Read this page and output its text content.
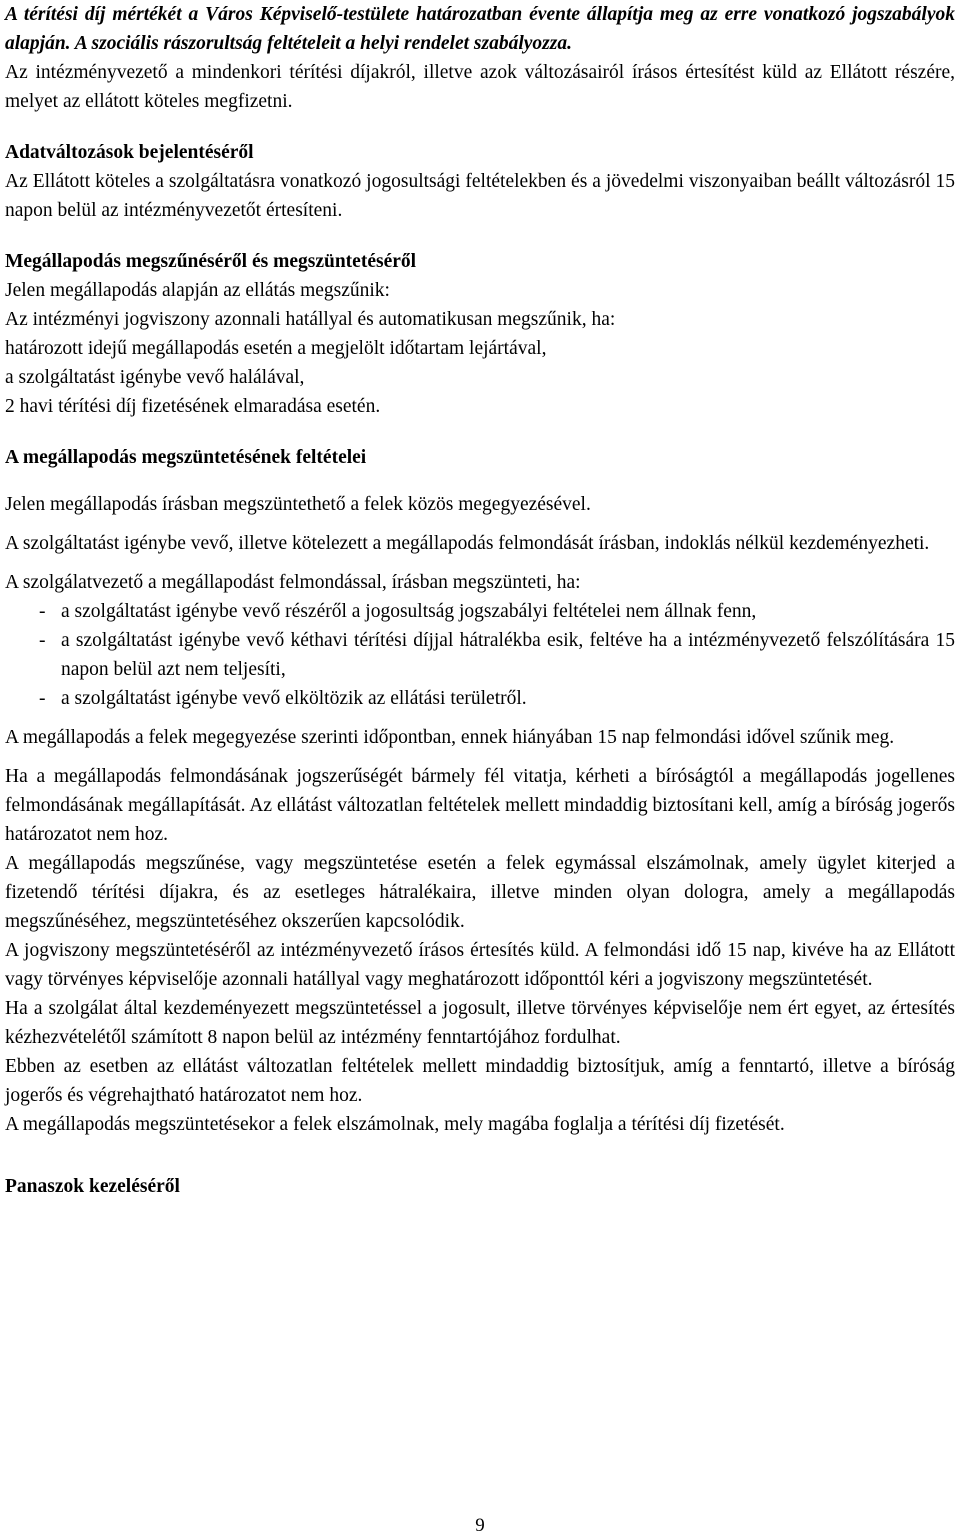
A térítési díj mértékét a Város Képviselő-testülete határozatban évente állapítja meg az erre vonatkozó jogszabályok alapján. A szociális rászorultság feltételeit a helyi rendelet szabályozza.

Az intézményvezető a mindenkori térítési díjakról, illetve azok változásairól írásos értesítést küld az Ellátott részére, melyet az ellátott köteles megfizetni.

Adatváltozások bejelentéséről

Az Ellátott köteles a szolgáltatásra vonatkozó jogosultsági feltételekben és a jövedelmi viszonyaiban beállt változásról 15 napon belül az intézményvezetőt értesíteni.

Megállapodás megszűnéséről és megszüntetéséről

Jelen megállapodás alapján az ellátás megszűnik:

Az intézményi jogviszony azonnali hatállyal és automatikusan megszűnik, ha:

határozott idejű megállapodás esetén a megjelölt időtartam lejártával,

a szolgáltatást igénybe vevő halálával,

2 havi térítési díj fizetésének elmaradása esetén.

A megállapodás megszüntetésének feltételei

Jelen megállapodás írásban megszüntethető a felek közös megegyezésével.

A szolgáltatást igénybe vevő, illetve kötelezett a megállapodás felmondását írásban, indoklás nélkül kezdeményezheti.

A szolgálatvezető a megállapodást felmondással, írásban megszünteti, ha:

- a szolgáltatást igénybe vevő részéről a jogosultság jogszabályi feltételei nem állnak fenn,
- a szolgáltatást igénybe vevő kéthavi térítési díjjal hátralékba esik, feltéve ha a intézményvezető felszólítására 15 napon belül azt nem teljesíti,
- a szolgáltatást igénybe vevő elköltözik az ellátási területről.

A megállapodás a felek megegyezése szerinti időpontban, ennek hiányában 15 nap felmondási idővel szűnik meg.

Ha a megállapodás felmondásának jogszerűségét bármely fél vitatja, kérheti a bíróságtól a megállapodás jogellenes felmondásának megállapítását. Az ellátást változatlan feltételek mellett mindaddig biztosítani kell, amíg a bíróság jogerős határozatot nem hoz.

A megállapodás megszűnése, vagy megszüntetése esetén a felek egymással elszámolnak, amely ügylet kiterjed a fizetendő térítési díjakra, és az esetleges hátralékaira, illetve minden olyan dologra, amely a megállapodás megszűnéséhez, megszüntetéséhez okszerűen kapcsolódik.

A jogviszony megszüntetéséről az intézményvezető írásos értesítés küld. A felmondási idő 15 nap, kivéve ha az Ellátott vagy törvényes képviselője azonnali hatállyal vagy meghatározott időponttól kéri a jogviszony megszüntetését.

Ha a szolgálat által kezdeményezett megszüntetéssel a jogosult, illetve törvényes képviselője nem ért egyet, az értesítés kézhezvételétől számított 8 napon belül az intézmény fenntartójához fordulhat.

Ebben az esetben az ellátást változatlan feltételek mellett mindaddig biztosítjuk, amíg a fenntartó, illetve a bíróság jogerős és végrehajtható határozatot nem hoz.

A megállapodás megszüntetésekor a felek elszámolnak, mely magába foglalja a térítési díj fizetését.

Panaszok kezeléséről

9
